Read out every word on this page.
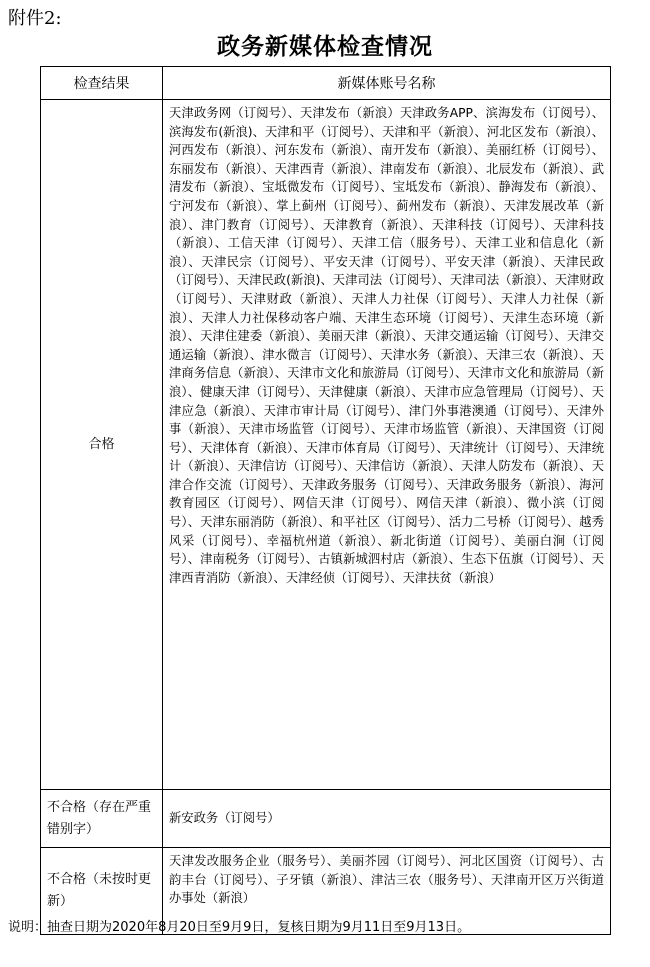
附件2:
政务新媒体检查情况
检查结果	新媒体账号名称
合格	天津政务网（订阅号）、天津发布（新浪）天津政务APP、滨海发布（订阅号）、滨海发布(新浪)、天津和平（订阅号）、天津和平（新浪）、河北区发布（新浪）、河西发布（新浪）、河东发布（新浪）、南开发布（新浪）、美丽红桥（订阅号）、东丽发布（新浪）、天津西青（新浪）、津南发布（新浪）、北辰发布（新浪）、武清发布（新浪）、宝坻微发布（订阅号）、宝坻发布（新浪）、静海发布（新浪）、宁河发布（新浪）、掌上蓟州（订阅号）、蓟州发布（新浪）、天津发展改革（新浪）、津门教育（订阅号）、天津教育（新浪）、天津科技（订阅号）、天津科技（新浪）、工信天津（订阅号）、天津工信（服务号）、天津工业和信息化（新浪）、天津民宗（订阅号）、平安天津（订阅号）、平安天津（新浪）、天津民政（订阅号）、天津民政(新浪)、天津司法（订阅号）、天津司法（新浪）、天津财政（订阅号）、天津财政（新浪）、天津人力社保（订阅号）、天津人力社保（新浪）、天津人力社保移动客户端、天津生态环境（订阅号）、天津生态环境（新浪）、天津住建委（新浪）、美丽天津（新浪）、天津交通运输（订阅号）、天津交通运输（新浪）、津水微言（订阅号）、天津水务（新浪）、天津三农（新浪）、天津商务信息（新浪）、天津市文化和旅游局（订阅号）、天津市文化和旅游局（新浪）、健康天津（订阅号）、天津健康（新浪）、天津市应急管理局（订阅号）、天津应急（新浪）、天津市审计局（订阅号）、津门外事港澳通（订阅号）、天津外事（新浪）、天津市场监管（订阅号）、天津市场监管（新浪）、天津国资（订阅号）、天津体育（新浪）、天津市体育局（订阅号）、天津统计（订阅号）、天津统计（新浪）、天津信访（订阅号）、天津信访（新浪）、天津人防发布（新浪）、天津合作交流（订阅号）、天津政务服务（订阅号）、天津政务服务（新浪）、海河教育园区（订阅号）、网信天津（订阅号）、网信天津（新浪）、微小滨（订阅号）、天津东丽消防（新浪）、和平社区（订阅号）、活力二号桥（订阅号）、越秀风采（订阅号）、幸福杭州道（新浪）、新北街道（订阅号）、美丽白涧（订阅号）、津南税务（订阅号）、古镇新城泗村店（新浪）、生态下伍旗（订阅号）、天津西青消防（新浪）、天津经侦（订阅号）、天津扶贫（新浪）
不合格（存在严重错别字）	新安政务（订阅号）
不合格（未按时更新）	天津发改服务企业（服务号）、美丽芥园（订阅号）、河北区国资（订阅号）、古韵丰台（订阅号）、子牙镇（新浪）、津沽三农（服务号）、天津南开区万兴街道办事处（新浪）
说明：抽查日期为2020年8月20日至9月9日，复核日期为9月11日至9月13日。
